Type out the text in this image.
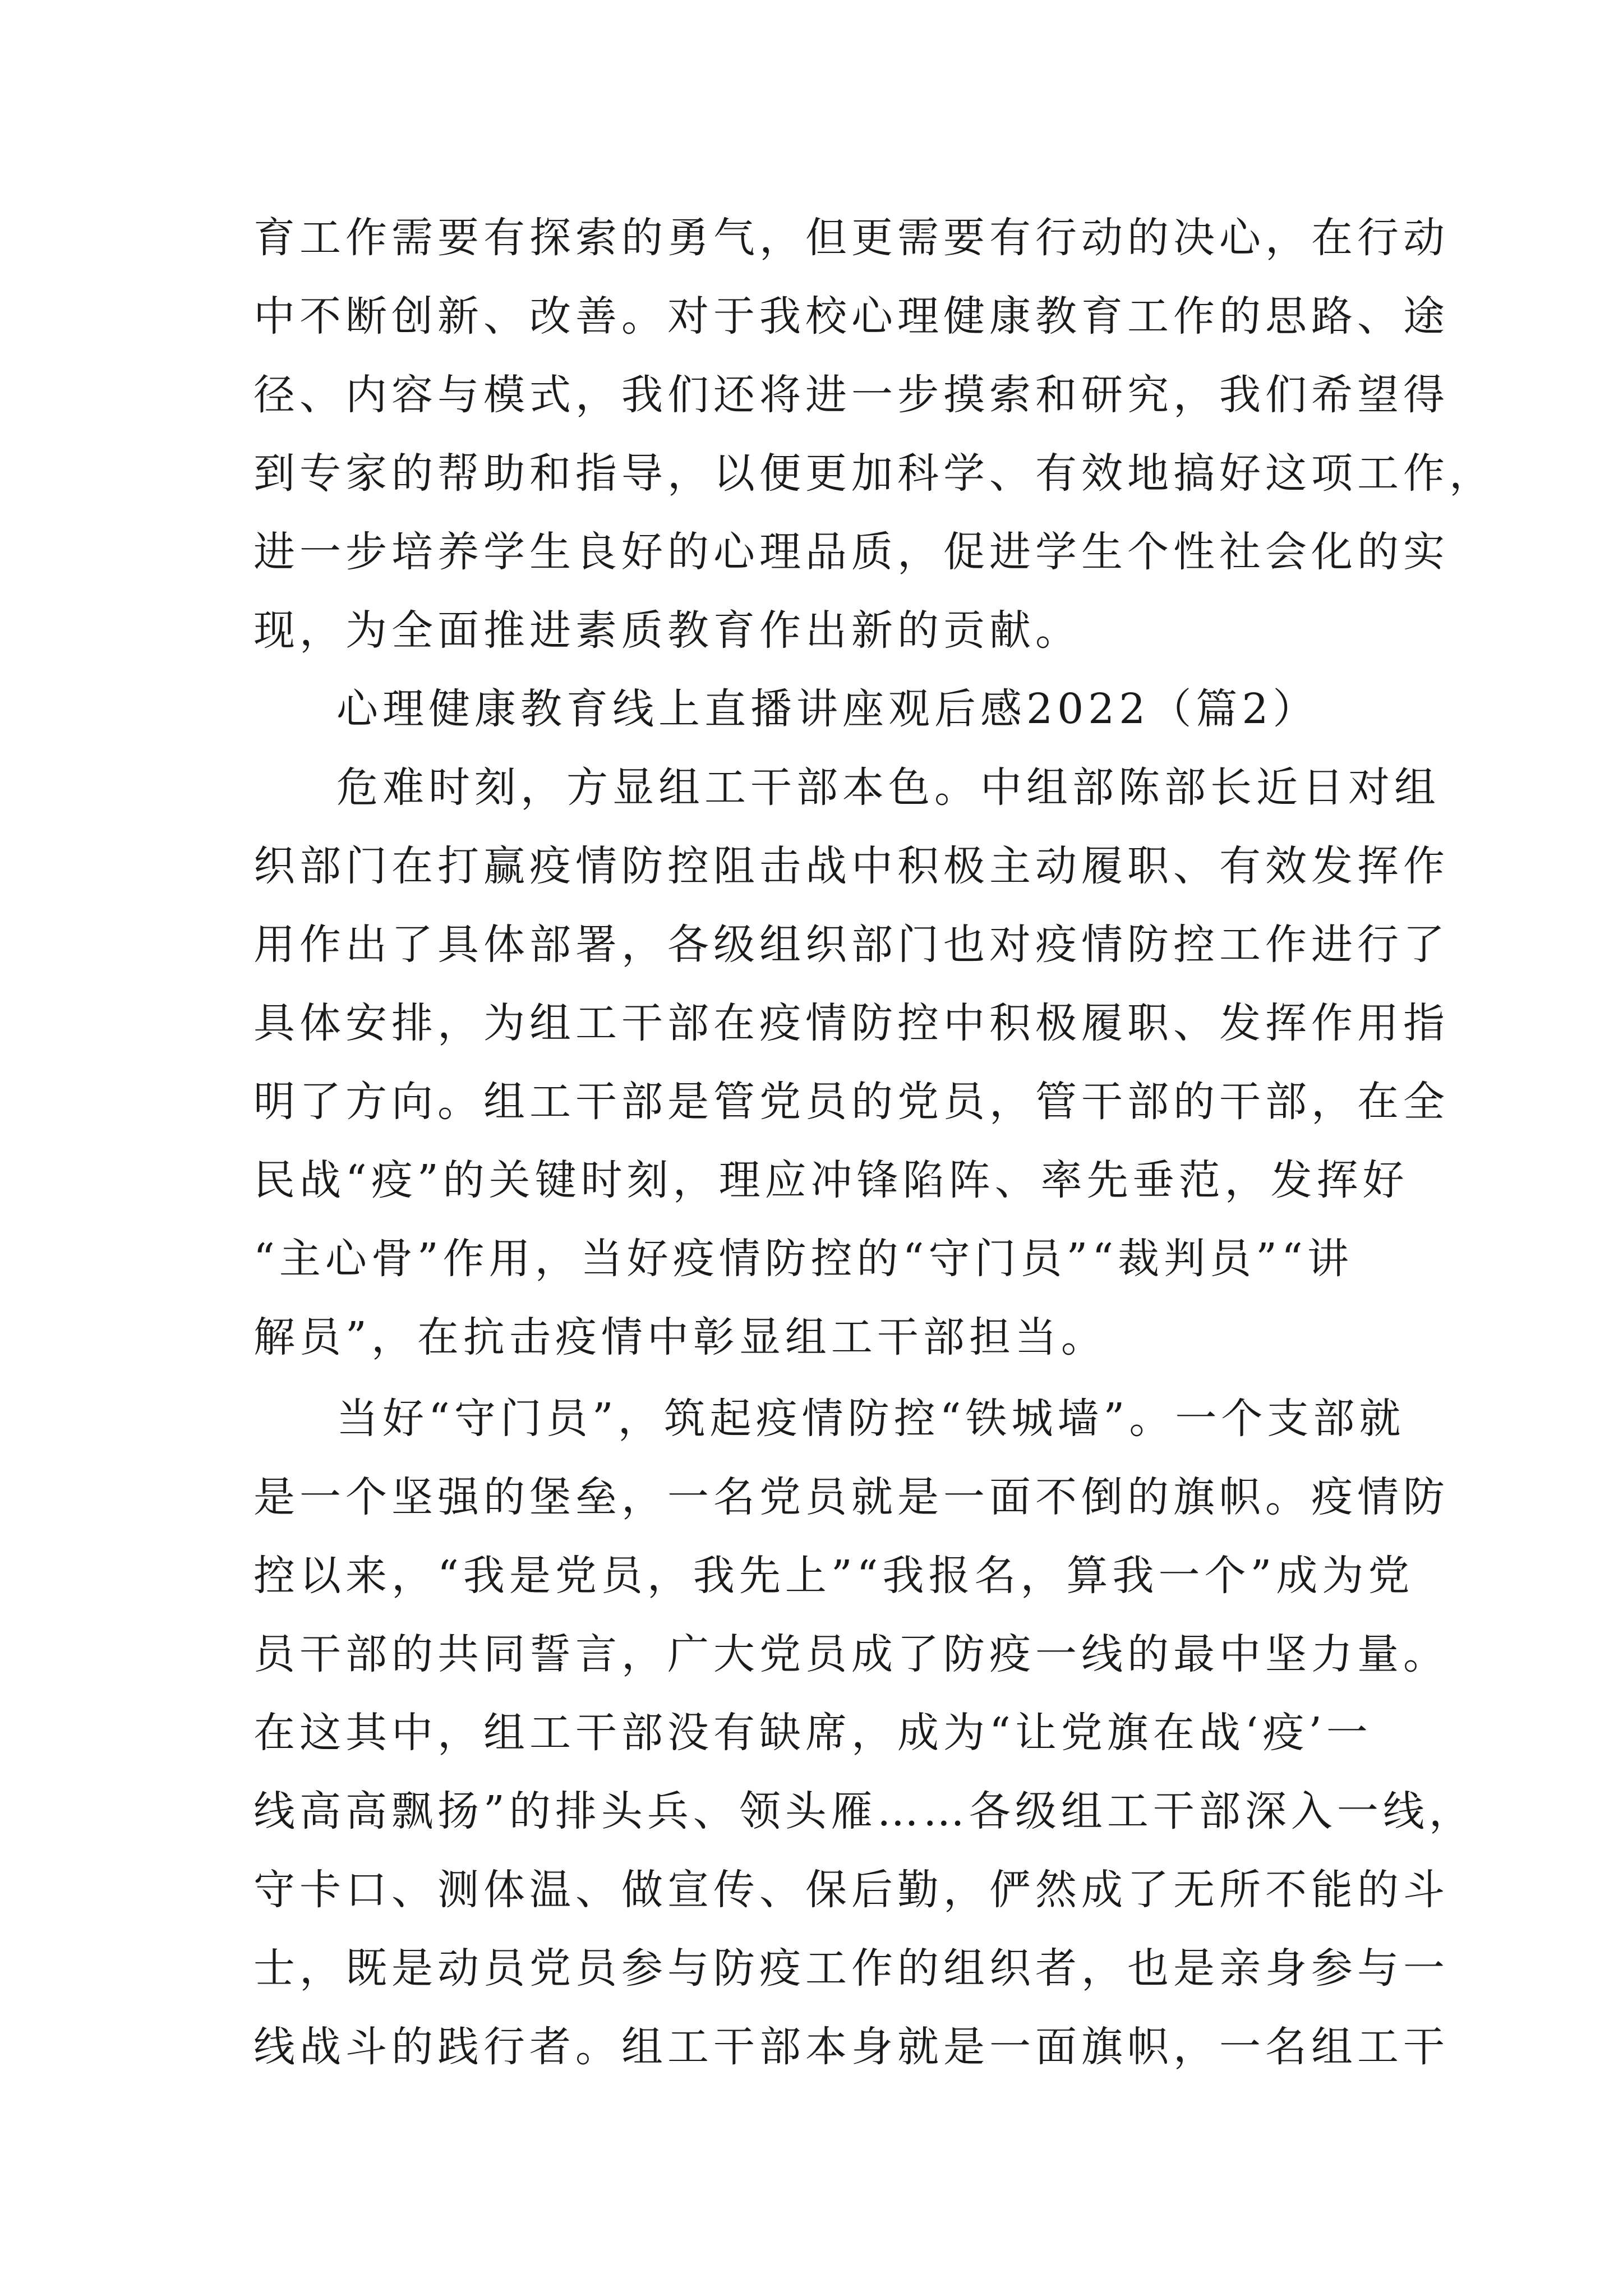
育工作需要有探索的勇气，但更需要有行动的决心，在行动
中不断创新、改善。对于我校心理健康教育工作的思路、途
径、内容与模式，我们还将进一步摸索和研究，我们希望得
到专家的帮助和指导，以便更加科学、有效地搞好这项工作，
进一步培养学生良好的心理品质，促进学生个性社会化的实
现，为全面推进素质教育作出新的贡献。
心理健康教育线上直播讲座观后感2022（篇2）
危难时刻，方显组工干部本色。中组部陈部长近日对组
织部门在打赢疫情防控阻击战中积极主动履职、有效发挥作
用作出了具体部署，各级组织部门也对疫情防控工作进行了
具体安排，为组工干部在疫情防控中积极履职、发挥作用指
明了方向。组工干部是管党员的党员，管干部的干部，在全
民战“疫”的关键时刻，理应冲锋陷阵、率先垂范，发挥好
“主心骨”作用，当好疫情防控的“守门员”“裁判员”“讲
解员”，在抗击疫情中彰显组工干部担当。
当好“守门员”，筑起疫情防控“铁城墙”。一个支部就
是一个坚强的堡垒，一名党员就是一面不倒的旗帜。疫情防
控以来，“我是党员，我先上”“我报名，算我一个”成为党
员干部的共同誓言，广大党员成了防疫一线的最中坚力量。
在这其中，组工干部没有缺席，成为“让党旗在战‘疫’一
线高高飘扬”的排头兵、领头雁……各级组工干部深入一线，
守卡口、测体温、做宣传、保后勤，俨然成了无所不能的斗
士，既是动员党员参与防疫工作的组织者，也是亲身参与一
线战斗的践行者。组工干部本身就是一面旗帜，一名组工干
